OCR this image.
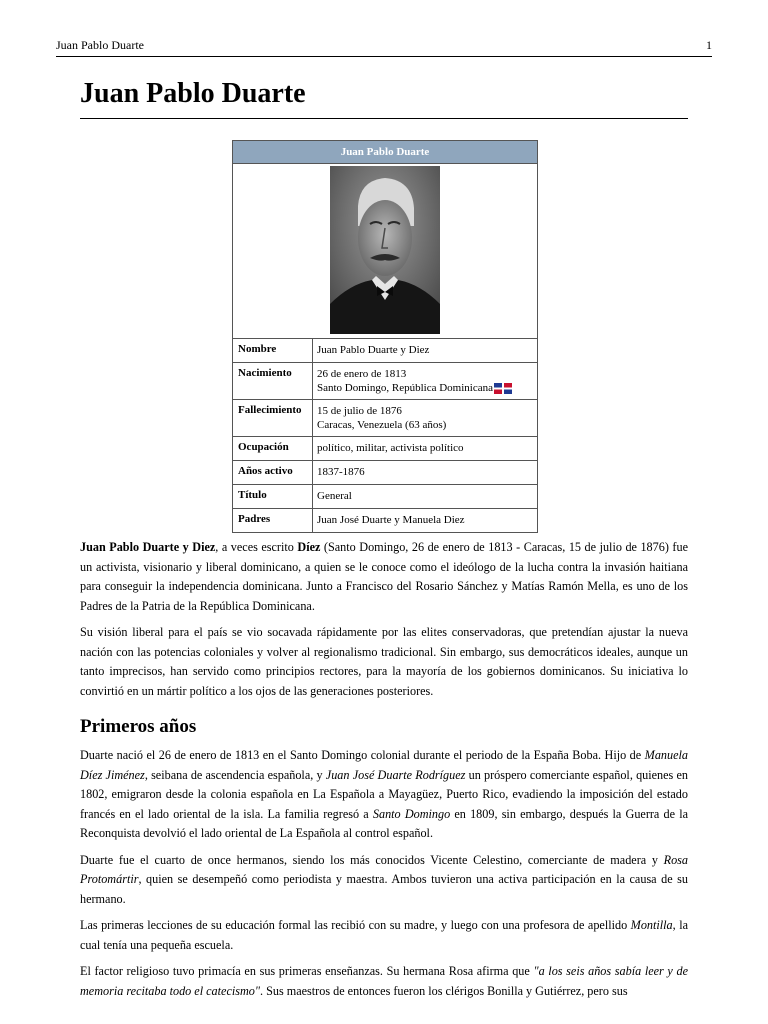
Juan Pablo Duarte	1
Juan Pablo Duarte
Juan Pablo Duarte
Nombre	Juan Pablo Duarte y Diez
Nacimiento	26 de enero de 1813
Santo Domingo, República Dominicana
Fallecimiento	15 de julio de 1876
Caracas, Venezuela (63 años)
Ocupación	político, militar, activista político
Años activo	1837-1876
Título	General
Padres	Juan José Duarte y Manuela Diez

Juan Pablo Duarte y Diez, a veces escrito Díez (Santo Domingo, 26 de enero de 1813 - Caracas, 15 de julio de 1876) fue un activista, visionario y liberal dominicano, a quien se le conoce como el ideólogo de la lucha contra la invasión haitiana para conseguir la independencia dominicana. Junto a Francisco del Rosario Sánchez y Matías Ramón Mella, es uno de los Padres de la Patria de la República Dominicana.

Su visión liberal para el país se vio socavada rápidamente por las elites conservadoras, que pretendían ajustar la nueva nación con las potencias coloniales y volver al regionalismo tradicional. Sin embargo, sus democráticos ideales, aunque un tanto imprecisos, han servido como principios rectores, para la mayoría de los gobiernos dominicanos. Su iniciativa lo convirtió en un mártir político a los ojos de las generaciones posteriores.

Primeros años

Duarte nació el 26 de enero de 1813 en el Santo Domingo colonial durante el periodo de la España Boba. Hijo de Manuela Díez Jiménez, seibana de ascendencia española, y Juan José Duarte Rodríguez un próspero comerciante español, quienes en 1802, emigraron desde la colonia española en La Española a Mayagüez, Puerto Rico, evadiendo la imposición del estado francés en el lado oriental de la isla. La familia regresó a Santo Domingo en 1809, sin embargo, después la Guerra de la Reconquista devolvió el lado oriental de La Española al control español.

Duarte fue el cuarto de once hermanos, siendo los más conocidos Vicente Celestino, comerciante de madera y Rosa Protomártir, quien se desempeñó como periodista y maestra. Ambos tuvieron una activa participación en la causa de su hermano.

Las primeras lecciones de su educación formal las recibió con su madre, y luego con una profesora de apellido Montilla, la cual tenía una pequeña escuela.

El factor religioso tuvo primacía en sus primeras enseñanzas. Su hermana Rosa afirma que "a los seis años sabía leer y de memoria recitaba todo el catecismo". Sus maestros de entonces fueron los clérigos Bonilla y Gutiérrez, pero sus
